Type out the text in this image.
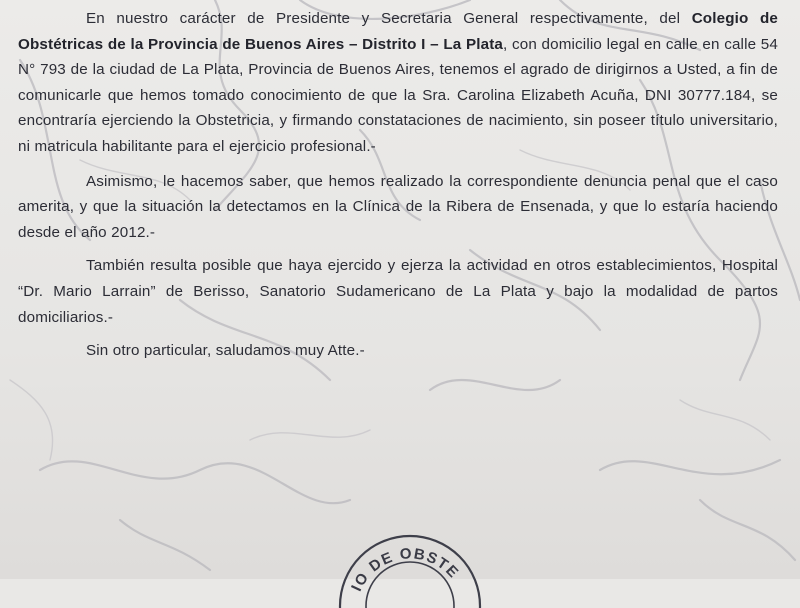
En nuestro carácter de Presidente y Secretaria General respectivamente, del Colegio de Obstétricas de la Provincia de Buenos Aires – Distrito I – La Plata, con domicilio legal en calle en calle 54 N° 793 de la ciudad de La Plata, Provincia de Buenos Aires, tenemos el agrado de dirigirnos a Usted, a fin de comunicarle que hemos tomado conocimiento de que la Sra. Carolina Elizabeth Acuña, DNI 30777.184, se encontraría ejerciendo la Obstetricia, y firmando constataciones de nacimiento, sin poseer título universitario, ni matricula habilitante para el ejercicio profesional.-

Asimismo, le hacemos saber, que hemos realizado la correspondiente denuncia penal que el caso amerita, y que la situación la detectamos en la Clínica de la Ribera de Ensenada, y que lo estaría haciendo desde el año 2012.-

También resulta posible que haya ejercido y ejerza la actividad en otros establecimientos, Hospital “Dr. Mario Larrain” de Berisso, Sanatorio Sudamericano de La Plata y bajo la modalidad de partos domiciliarios.-

Sin otro particular, saludamos muy Atte.-

IO DE OBSTE
